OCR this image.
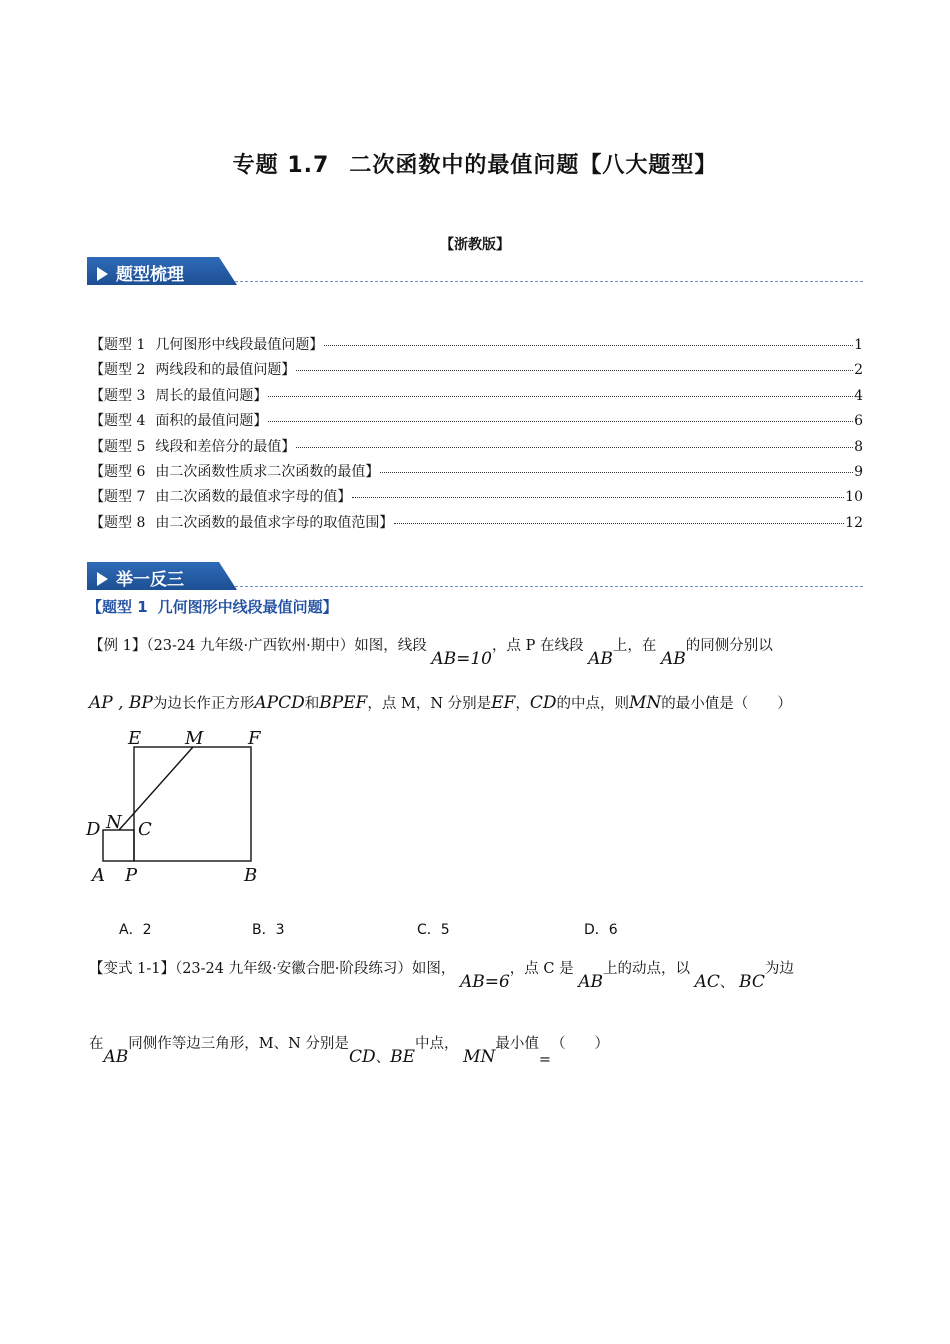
专题 1.7 二次函数中的最值问题【八大题型】
【浙教版】
题型梳理
【题型 1 几何图形中线段最值问题】	1
【题型 2 两线段和的最值问题】	2
【题型 3 周长的最值问题】	4
【题型 4 面积的最值问题】	6
【题型 5 线段和差倍分的最值】	8
【题型 6 由二次函数性质求二次函数的最值】	9
【题型 7 由二次函数的最值求字母的值】	10
【题型 8 由二次函数的最值求字母的取值范围】	12
举一反三
【题型 1 几何图形中线段最值问题】
【例 1】（23-24 九年级·广西钦州·期中）如图，线段 AB=10，点 P 在线段 AB上，在 AB的同侧分别以
AP , BP为边长作正方形APCD和BPEF，点 M，N 分别是EF，CD的中点，则MN的最小值是（　　）
E M F
D N C
A P	B
A．2	B．3	C．5	D．6
【变式 1-1】（23-24 九年级·安徽合肥·阶段练习）如图， AB=6，点 C 是 AB上的动点，以 AC、 BC为边
在AB同侧作等边三角形，M、N 分别是CD、BE中点， MN最小值=（　　）
